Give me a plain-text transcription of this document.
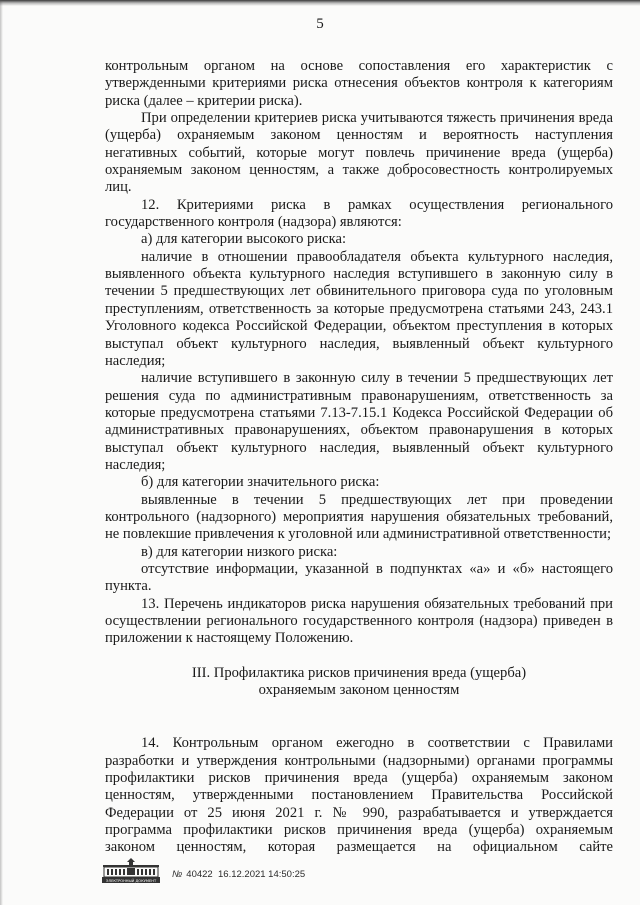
5

контрольным органом на основе сопоставления его характеристик с утвержденными критериями риска отнесения объектов контроля к категориям риска (далее – критерии риска).

При определении критериев риска учитываются тяжесть причинения вреда (ущерба) охраняемым законом ценностям и вероятность наступления негативных событий, которые могут повлечь причинение вреда (ущерба) охраняемым законом ценностям, а также добросовестность контролируемых лиц.

12. Критериями риска в рамках осуществления регионального государственного контроля (надзора) являются:

а) для категории высокого риска:

наличие в отношении правообладателя объекта культурного наследия, выявленного объекта культурного наследия вступившего в законную силу в течении 5 предшествующих лет обвинительного приговора суда по уголовным преступлениям, ответственность за которые предусмотрена статьями 243, 243.1 Уголовного кодекса Российской Федерации, объектом преступления в которых выступал объект культурного наследия, выявленный объект культурного наследия;

наличие вступившего в законную силу в течении 5 предшествующих лет решения суда по административным правонарушениям, ответственность за которые предусмотрена статьями 7.13-7.15.1 Кодекса Российской Федерации об административных правонарушениях, объектом правонарушения в которых выступал объект культурного наследия, выявленный объект культурного наследия;

б) для категории значительного риска:

выявленные в течении 5 предшествующих лет при проведении контрольного (надзорного) мероприятия нарушения обязательных требований, не повлекшие привлечения к уголовной или административной ответственности;

в) для категории низкого риска:

отсутствие информации, указанной в подпунктах «а» и «б» настоящего пункта.

13. Перечень индикаторов риска нарушения обязательных требований при осуществлении регионального государственного контроля (надзора) приведен в приложении к настоящему Положению.

III. Профилактика рисков причинения вреда (ущерба)
охраняемым законом ценностям

14. Контрольным органом ежегодно в соответствии с Правилами разработки и утверждения контрольными (надзорными) органами программы профилактики рисков причинения вреда (ущерба) охраняемым законом ценностям, утвержденными постановлением Правительства Российской Федерации от 25 июня 2021 г. № 990, разрабатывается и утверждается программа профилактики рисков причинения вреда (ущерба) охраняемым законом ценностям, которая размещается на официальном сайте

ЭЛЕКТРОННЫЙ ДОКУМЕНТ
№ 40422 16.12.2021 14:50:25
